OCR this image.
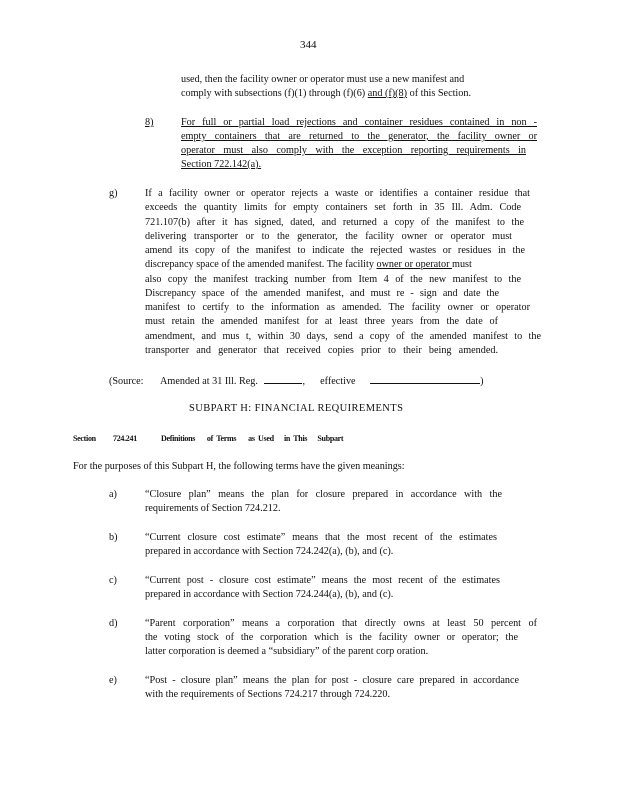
344
used, then the facility owner or operator must use a new manifest and
comply with subsections (f)(1) through (f)(6) and (f)(8) of this Section.
8)	For full or partial load rejections and container residues contained in non -
empty containers that are returned to the generator, the facility owner or
operator must also comply with the exception reporting requirements in
Section 722.142(a).
g)	If a facility owner or operator rejects a waste or identifies a container residue that
exceeds the quantity limits for empty containers set forth in 35 Ill. Adm. Code
721.107(b) after it has signed, dated, and returned a copy of the manifest to the
delivering transporter or to the generator, the facility owner or operator must
amend its copy of the manifest to indicate the rejected wastes or residues in the
discrepancy space of the amended manifest. The facility owner or operator must
also copy the manifest tracking number from Item 4 of the new manifest to the
Discrepancy space of the amended manifest, and must re - sign and date the
manifest to certify to the information as amended. The facility owner or operator
must retain the amended manifest for at least three years from the date of
amendment, and mus t, within 30 days, send a copy of the amended manifest to the
transporter and generator that received copies prior to their being amended.
(Source: Amended at 31 Ill. Reg.	, effective	)
SUBPART H: FINANCIAL REQUIREMENTS
Section 724.241	Definitions       of  Terms       as  Used      in  This      Subpart
For the purposes of this Subpart H, the following terms have the given meanings:
a)	“Closure plan” means the plan for closure prepared in accordance with the
requirements of Section 724.212.
b)	“Current closure cost estimate” means that the most recent of the estimates
prepared in accordance with Section 724.242(a), (b), and (c).
c)	“Current post - closure cost estimate” means the most recent of the estimates
prepared in accordance with Section 724.244(a), (b), and (c).
d)	“Parent corporation” means a corporation that directly owns at least 50 percent of
the voting stock of the corporation which is the facility owner or operator; the
latter corporation is deemed a “subsidiary” of the parent corp oration.
e)	“Post - closure plan” means the plan for post - closure care prepared in accordance
with the requirements of Sections 724.217 through 724.220.
